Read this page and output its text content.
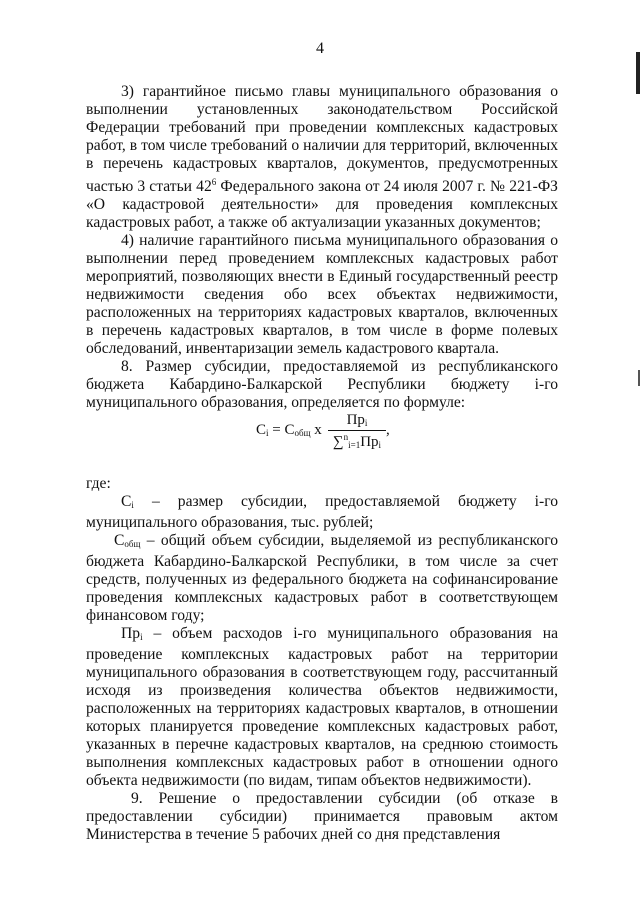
4

3) гарантийное письмо главы муниципального образования о выполнении установленных законодательством Российской Федерации требований при проведении комплексных кадастровых работ, в том числе требований о наличии для территорий, включенных в перечень кадастровых кварталов, документов, предусмотренных частью 3 статьи $42^6$ Федерального закона от 24 июля 2007 г. № 221-ФЗ «О кадастровой деятельности» для проведения комплексных кадастровых работ, а также об актуализации указанных документов;

4) наличие гарантийного письма муниципального образования о выполнении перед проведением комплексных кадастровых работ мероприятий, позволяющих внести в Единый государственный реестр недвижимости сведения обо всех объектах недвижимости, расположенных на территориях кадастровых кварталов, включенных в перечень кадастровых кварталов, в том числе в форме полевых обследований, инвентаризации земель кадастрового квартала.

8. Размер субсидии, предоставляемой из республиканского бюджета Кабардино-Балкарской Республики бюджету i-го муниципального образования, определяется по формуле:

$C_i = C_{общ}$ x
$Пр_i$
$\sum^n_{i=1}Пр_i$
,

где:

$C_i$ – размер субсидии, предоставляемой бюджету i-го муниципального образования, тыс. рублей;

$C_{общ}$ – общий объем субсидии, выделяемой из республиканского бюджета Кабардино-Балкарской Республики, в том числе за счет средств, полученных из федерального бюджета на софинансирование проведения комплексных кадастровых работ в соответствующем финансовом году;

$Пр_i$ – объем расходов i-го муниципального образования на проведение комплексных кадастровых работ на территории муниципального образования в соответствующем году, рассчитанный исходя из произведения количества объектов недвижимости, расположенных на территориях кадастровых кварталов, в отношении которых планируется проведение комплексных кадастровых работ, указанных в перечне кадастровых кварталов, на среднюю стоимость выполнения комплексных кадастровых работ в отношении одного объекта недвижимости (по видам, типам объектов недвижимости).

9. Решение о предоставлении субсидии (об отказе в предоставлении субсидии) принимается правовым актом Министерства в течение 5 рабочих дней со дня представления
